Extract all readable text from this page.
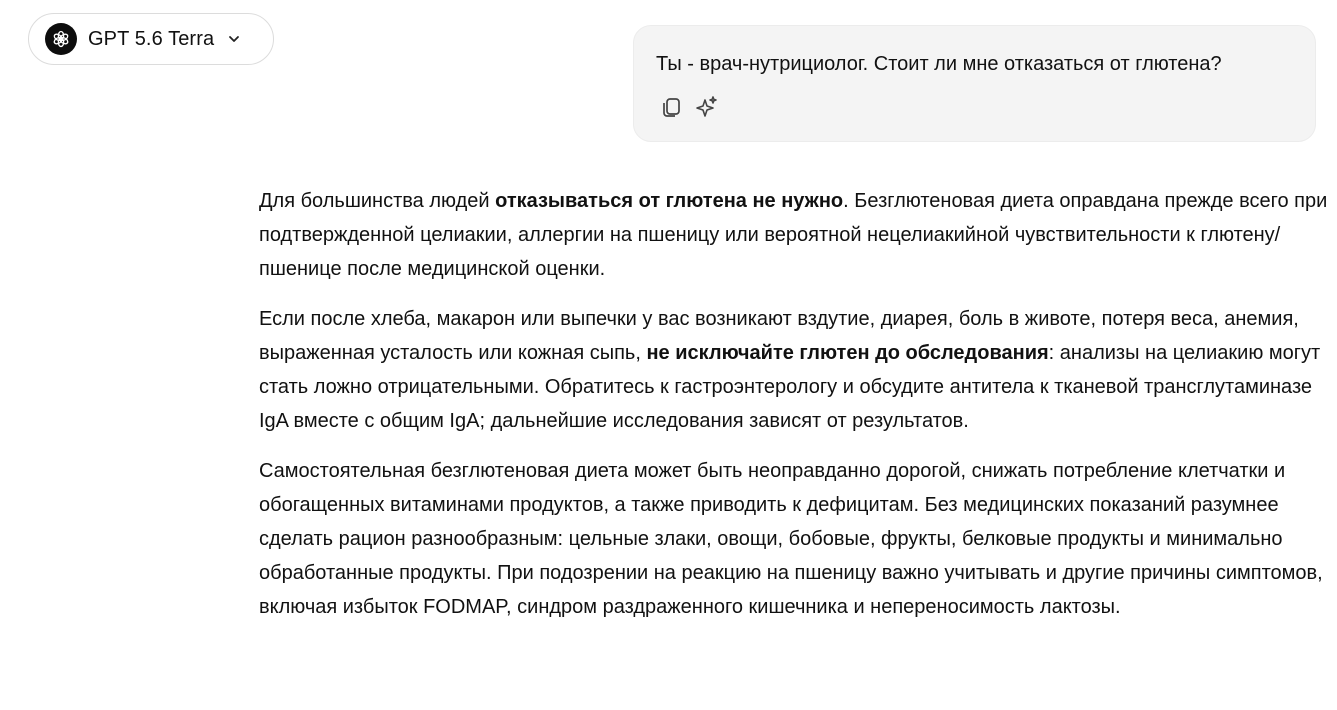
GPT 5.6 Terra
Ты - врач-нутрициолог. Стоит ли мне отказаться от глютена?

Для большинства людей отказываться от глютена не нужно. Безглютеновая диета оправдана прежде всего при подтвержденной целиакии, аллергии на пшеницу или вероятной нецелиакийной чувствительности к глютену/пшенице после медицинской оценки.

Если после хлеба, макарон или выпечки у вас возникают вздутие, диарея, боль в животе, потеря веса, анемия, выраженная усталость или кожная сыпь, не исключайте глютен до обследования: анализы на целиакию могут стать ложно отрицательными. Обратитесь к гастроэнтерологу и обсудите антитела к тканевой трансглутаминазе IgA вместе с общим IgA; дальнейшие исследования зависят от результатов.

Самостоятельная безглютеновая диета может быть неоправданно дорогой, снижать потребление клетчатки и обогащенных витаминами продуктов, а также приводить к дефицитам. Без медицинских показаний разумнее сделать рацион разнообразным: цельные злаки, овощи, бобовые, фрукты, белковые продукты и минимально обработанные продукты. При подозрении на реакцию на пшеницу важно учитывать и другие причины симптомов, включая избыток FODMAP, синдром раздраженного кишечника и непереносимость лактозы.
